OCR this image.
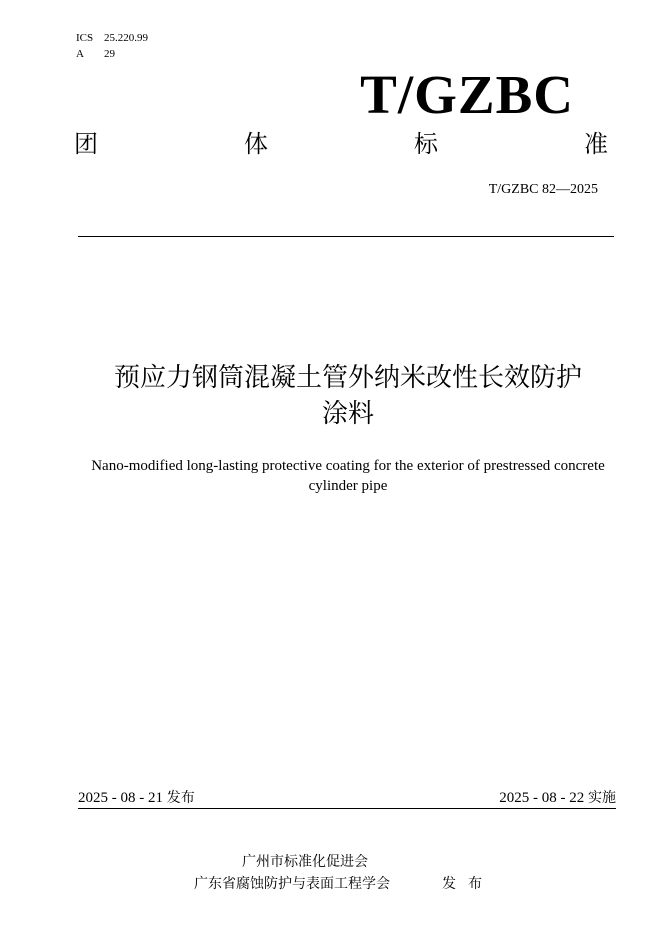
ICS 25.220.99
A 29
T/GZBC
团	体	标	准
T/GZBC 82—2025
预应力钢筒混凝土管外纳米改性长效防护
涂料
Nano-modified long-lasting protective coating for the exterior of prestressed concrete
cylinder pipe
2025 - 08 - 21 发布	2025 - 08 - 22 实施
广州市标准化促进会
广东省腐蚀防护与表面工程学会	发布
